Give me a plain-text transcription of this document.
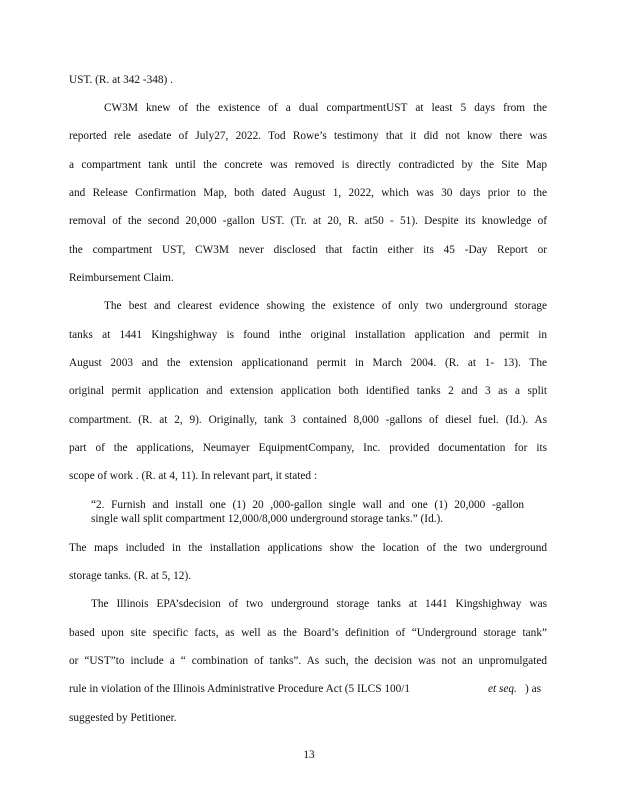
UST. (R. at 342 -348) .
CW3M knew of the existence of a dual compartmentUST at least 5 days from the
reported rele asedate of July27, 2022. Tod Rowe’s testimony that it did not know there was
a compartment tank until the concrete was removed is directly contradicted by the Site Map
and Release Confirmation Map, both dated August 1, 2022, which was 30 days prior to the
removal of the second 20,000 -gallon UST. (Tr. at 20, R. at50 - 51). Despite its knowledge of
the compartment UST, CW3M never disclosed that factin either its 45 -Day Report or
Reimbursement Claim.
The best and clearest evidence showing the existence of only two underground storage
tanks at 1441 Kingshighway is found inthe original installation application and permit in
August 2003 and the extension applicationand permit in March 2004. (R. at 1- 13). The
original permit application and extension application both identified tanks 2 and 3 as a split
compartment. (R. at 2, 9). Originally, tank 3 contained 8,000 -gallons of diesel fuel. (Id.). As
part of the applications, Neumayer EquipmentCompany, Inc. provided documentation for its
scope of work . (R. at 4, 11). In relevant part, it stated :
“2. Furnish and install one (1) 20 ,000-gallon single wall and one (1) 20,000 -gallon
single wall split compartment 12,000/8,000 underground storage tanks.” (Id.).
The maps included in the installation applications show the location of the two underground
storage tanks. (R. at 5, 12).
The Illinois EPA’sdecision of two underground storage tanks at 1441 Kingshighway was
based upon site specific facts, as well as the Board’s definition of “Underground storage tank”
or “UST”to include a “ combination of tanks”. As such, the decision was not an unpromulgated
rule in violation of the Illinois Administrative Procedure Act (5 ILCS 100/1	et seq. ) as
suggested by Petitioner.
13
